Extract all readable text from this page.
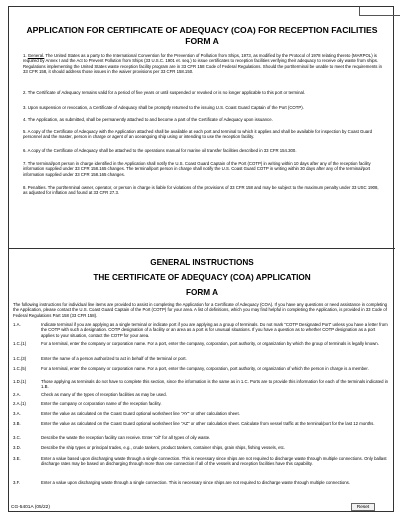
APPLICATION FOR CERTIFICATE OF ADEQUACY (COA) FOR RECEPTION FACILITIES
FORM A
1. General. The United States as a party to the International Convention for the Prevention of Pollution from Ships, 1973, as modified by the Protocol of 1978 relating thereto (MARPOL) is required by Annex I and the Act to Prevent Pollution from Ships (33 U.S.C. 1901 et. seq.) to issue certificates to reception facilities verifying their adequacy to receive oily waste from ships. Regulations implementing the United States waste reception facility program are in 33 CFR 158 Code of Federal Regulations. Should the port/terminal be unable to meet the requirements in 33 CFR 158, it should address those issues in the waiver provisions per 33 CFR 158.150.
2. The Certificate of Adequacy remains valid for a period of five years or until suspended or revoked or is no longer applicable to this port or terminal.
3. Upon suspension or revocation, a Certificate of Adequacy shall be promptly returned to the issuing U.S. Coast Guard Captain of the Port (COTP).
4. The Application, as submitted, shall be permanently attached to and become a part of the Certificate of Adequacy upon issuance.
5. A copy of the Certificate of Adequacy with the Application attached shall be available at each port and terminal to which it applies and shall be available for inspection by Coast Guard personnel and the master, person in charge or agent of an oceangoing ship using or intending to use the reception facility.
6. A copy of the Certificate of Adequacy shall be attached to the operations manual for marine oil transfer facilities described in 33 CFR 154.300.
7. The terminal/port person in charge identified in the Application shall notify the U.S. Coast Guard Captain of the Port (COTP) in writing within 10 days after any of the reception facility information supplied under 33 CFR 158.165 changes. The terminal/port person in charge shall notify the U.S. Coast Guard COTP in writing within 30 days after any of the terminal/port information supplied under 33 CFR 158.165 changes.
8. Penalties. The port/terminal owner, operator, or person in charge is liable for violations of the provisions of 33 CFR 158 and may be subject to the maximum penalty under 33 USC 1908, as adjusted for inflation and found at 33 CFR 27.3.
GENERAL INSTRUCTIONS
THE CERTIFICATE OF ADEQUACY (COA) APPLICATION
FORM A
The following instructions for individual line items are provided to assist in completing the Application for a Certificate of Adequacy (COA). If you have any questions or need assistance in completing the Application, please contact the U.S. Coast Guard Captain of the Port (COTP) for your area. A list of definitions, which you may find helpful in completing the Application, is provided in 33 Code of Federal Regulations Part 158 (33 CFR 158).
1.A.	Indicate terminal if you are applying as a single terminal or indicate port if you are applying as a group of terminals. Do not mark "COTP Designated Port" unless you have a letter from the COTP with such a designation. COTP designation of a facility or an area as a port is for unusual situations. If you have a question as to whether COTP designation as a port applies to your situation, contact the COTP for your area.
1.C.(1)	For a terminal, enter the company or corporation name. For a port, enter the company, corporation, port authority, or organization by which the group of terminals is legally known.
1.C.(3)	Enter the name of a person authorized to act in behalf of the terminal or port.
1.C.(5)	For a terminal, enter the company or corporation name. For a port, enter the company, corporation, port authority, or organization of which the person in charge is a member.
1.D.(1)	Those applying as terminals do not have to complete this section, since the information is the same as in 1.C. Ports are to provide this information for each of the terminals indicated in 1.B.
2.A.	Check as many of the types of reception facilities as may be used.
2.A.(1)	Enter the company or corporation name of the reception facility.
3.A.	Enter the value as calculated on the Coast Guard optional worksheet line "AY" or other calculation sheet.
3.B.	Enter the value as calculated on the Coast Guard optional worksheet line "AZ" or other calculation sheet. Calculate from vessel traffic at the terminal/port for the last 12 months.
3.C.	Describe the waste the reception facility can receive. Enter "oil" for all types of oily waste.
3.D.	Describe the ship types or principal trades, e.g., crude tankers, product tankers, container ships, grain ships, fishing vessels, etc.
3.E.	Enter a value based upon discharging waste through a single connection. This is necessary since ships are not required to discharge waste through multiple connections. Only ballast discharge rates may be based on discharging through more than one connection if all of the vessels and reception facilities have this capability.
3.F.	Enter a value upon discharging waste through a single connection. This is necessary since ships are not required to discharge waste through multiple connections.
CG-5401A (05/22)	Reset
